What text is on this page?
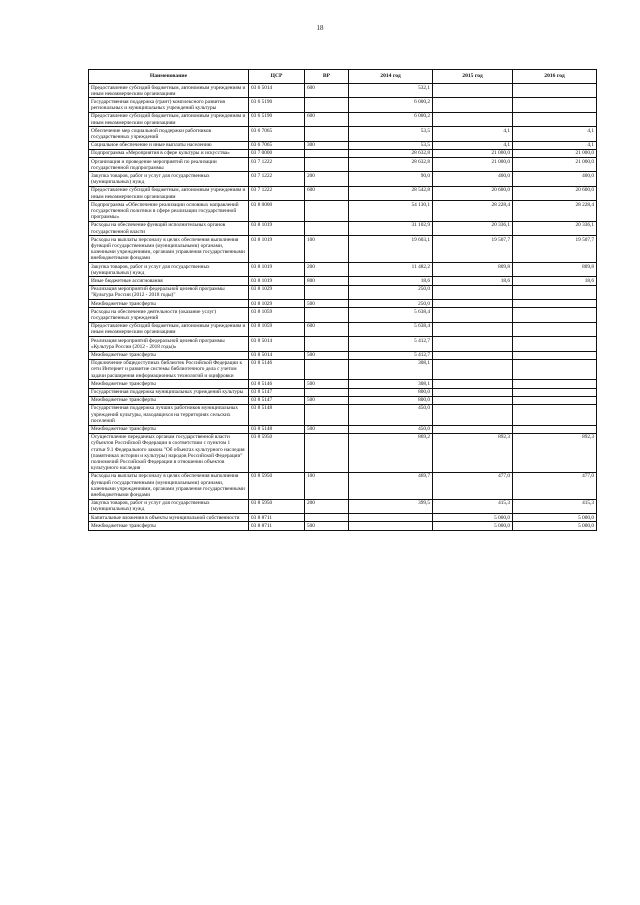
18
Наименование	ЦСР	ВР	2014 год	2015 год	2016 год
Предоставление субсидий бюджетным, автономным учреждениям и иным некоммерческим организациям	03 6 5014	600	532,1		
Государственная поддержка (грант) комплексного развития региональных и муниципальных учреждений культуры	03 6 5190		6 000,2		
Предоставление субсидий бюджетным, автономным учреждениям и иным некоммерческим организациям	03 6 5190	600	6 000,2		
Обеспечение мер социальной поддержки работников государственных учреждений	03 6 7065		53,5	4,1	4,1
Социальное обеспечение и иные выплаты населению	03 6 7065	300	53,5	4,1	4,1
Подпрограмма «Мероприятия в сфере культуры и искусства»	03 7 0000		28 632,8	21 000,0	21 000,0
Организация и проведение мероприятий по реализации государственной подпрограммы	03 7 1222		28 632,8	21 000,0	21 000,0
Закупка товаров, работ и услуг для государственных (муниципальных) нужд	03 7 1222	200	90,0	400,0	400,0
Предоставление субсидий бюджетным, автономным учреждениям и иным некоммерческим организациям	03 7 1222	600	28 542,8	20 600,0	20 600,0
Подпрограмма «Обеспечение реализации основных направлений государственной политики в сфере реализации государственной программы»	03 8 0000		54 130,1	28 228,4	28 228,4
Расходы на обеспечение функций исполнительных органов государственной власти	03 8 1019		31 102,9	20 336,1	20 336,1
Расходы на выплаты персоналу в целях обеспечения выполнения функций государственными (муниципальными) органами, казенными учреждениями, органами управления государственными внебюджетными фондами	03 8 1019	100	19 603,1	19 507,7	19 507,7
Закупка товаров, работ и услуг для государственных (муниципальных) нужд	03 8 1019	200	11 482,2	809,8	809,8
Иные бюджетные ассигнования	03 8 1019	800	18,6	18,6	18,6
Реализация мероприятий федеральной целевой программы "Культура России (2012 - 2018 годы)"	03 8 1029		250,0		
Межбюджетные трансферты	03 8 1029	500	250,0		
Расходы на обеспечение деятельности (оказание услуг) государственных учреждений	03 8 1059		5 638,4		
Предоставление субсидий бюджетным, автономным учреждениям и иным некоммерческим организациям	03 8 1059	600	5 638,4		
Реализация мероприятий федеральной целевой программы «Культура России (2012 - 2018 годы)»	03 8 5014		5 412,7		
Межбюджетные трансферты	03 8 5014	500	5 412,7		
Подключение общедоступных библиотек Российской Федерации к сети Интернет и развитие системы библиотечного дела с учетом задачи расширения информационных технологий и оцифровки	03 8 5146		308,1		
Межбюджетные трансферты	03 8 5146	500	308,1		
Государственная поддержка муниципальных учреждений культуры	03 8 5147		800,0		
Межбюджетные трансферты	03 8 5147	500	800,0		
Государственная поддержка лучших работников муниципальных учреждений культуры, находящихся на территориях сельских поселений	03 8 5148		450,0		
Межбюджетные трансферты	03 8 5148	500	450,0		
Осуществление переданных органам государственной власти субъектов Российской Федерации в соответствии с пунктом 1 статьи 9.1 Федерального закона "Об объектах культурного наследия (памятниках истории и культуры) народов Российской Федерации" полномочий Российской Федерации в отношении объектов культурного наследия	03 8 5950		869,2	892,3	892,3
Расходы на выплаты персоналу в целях обеспечения выполнения функций государственными (муниципальными) органами, казенными учреждениями, органами управления государственными внебюджетными фондами	03 8 5950	100	469,7	477,0	477,0
Закупка товаров, работ и услуг для государственных (муниципальных) нужд	03 8 5950	200	399,5	415,3	415,3
Капитальные вложения в объекты муниципальной собственности	03 8 8711			5 000,0	5 000,0
Межбюджетные трансферты	03 8 8711	500		5 000,0	5 000,0
